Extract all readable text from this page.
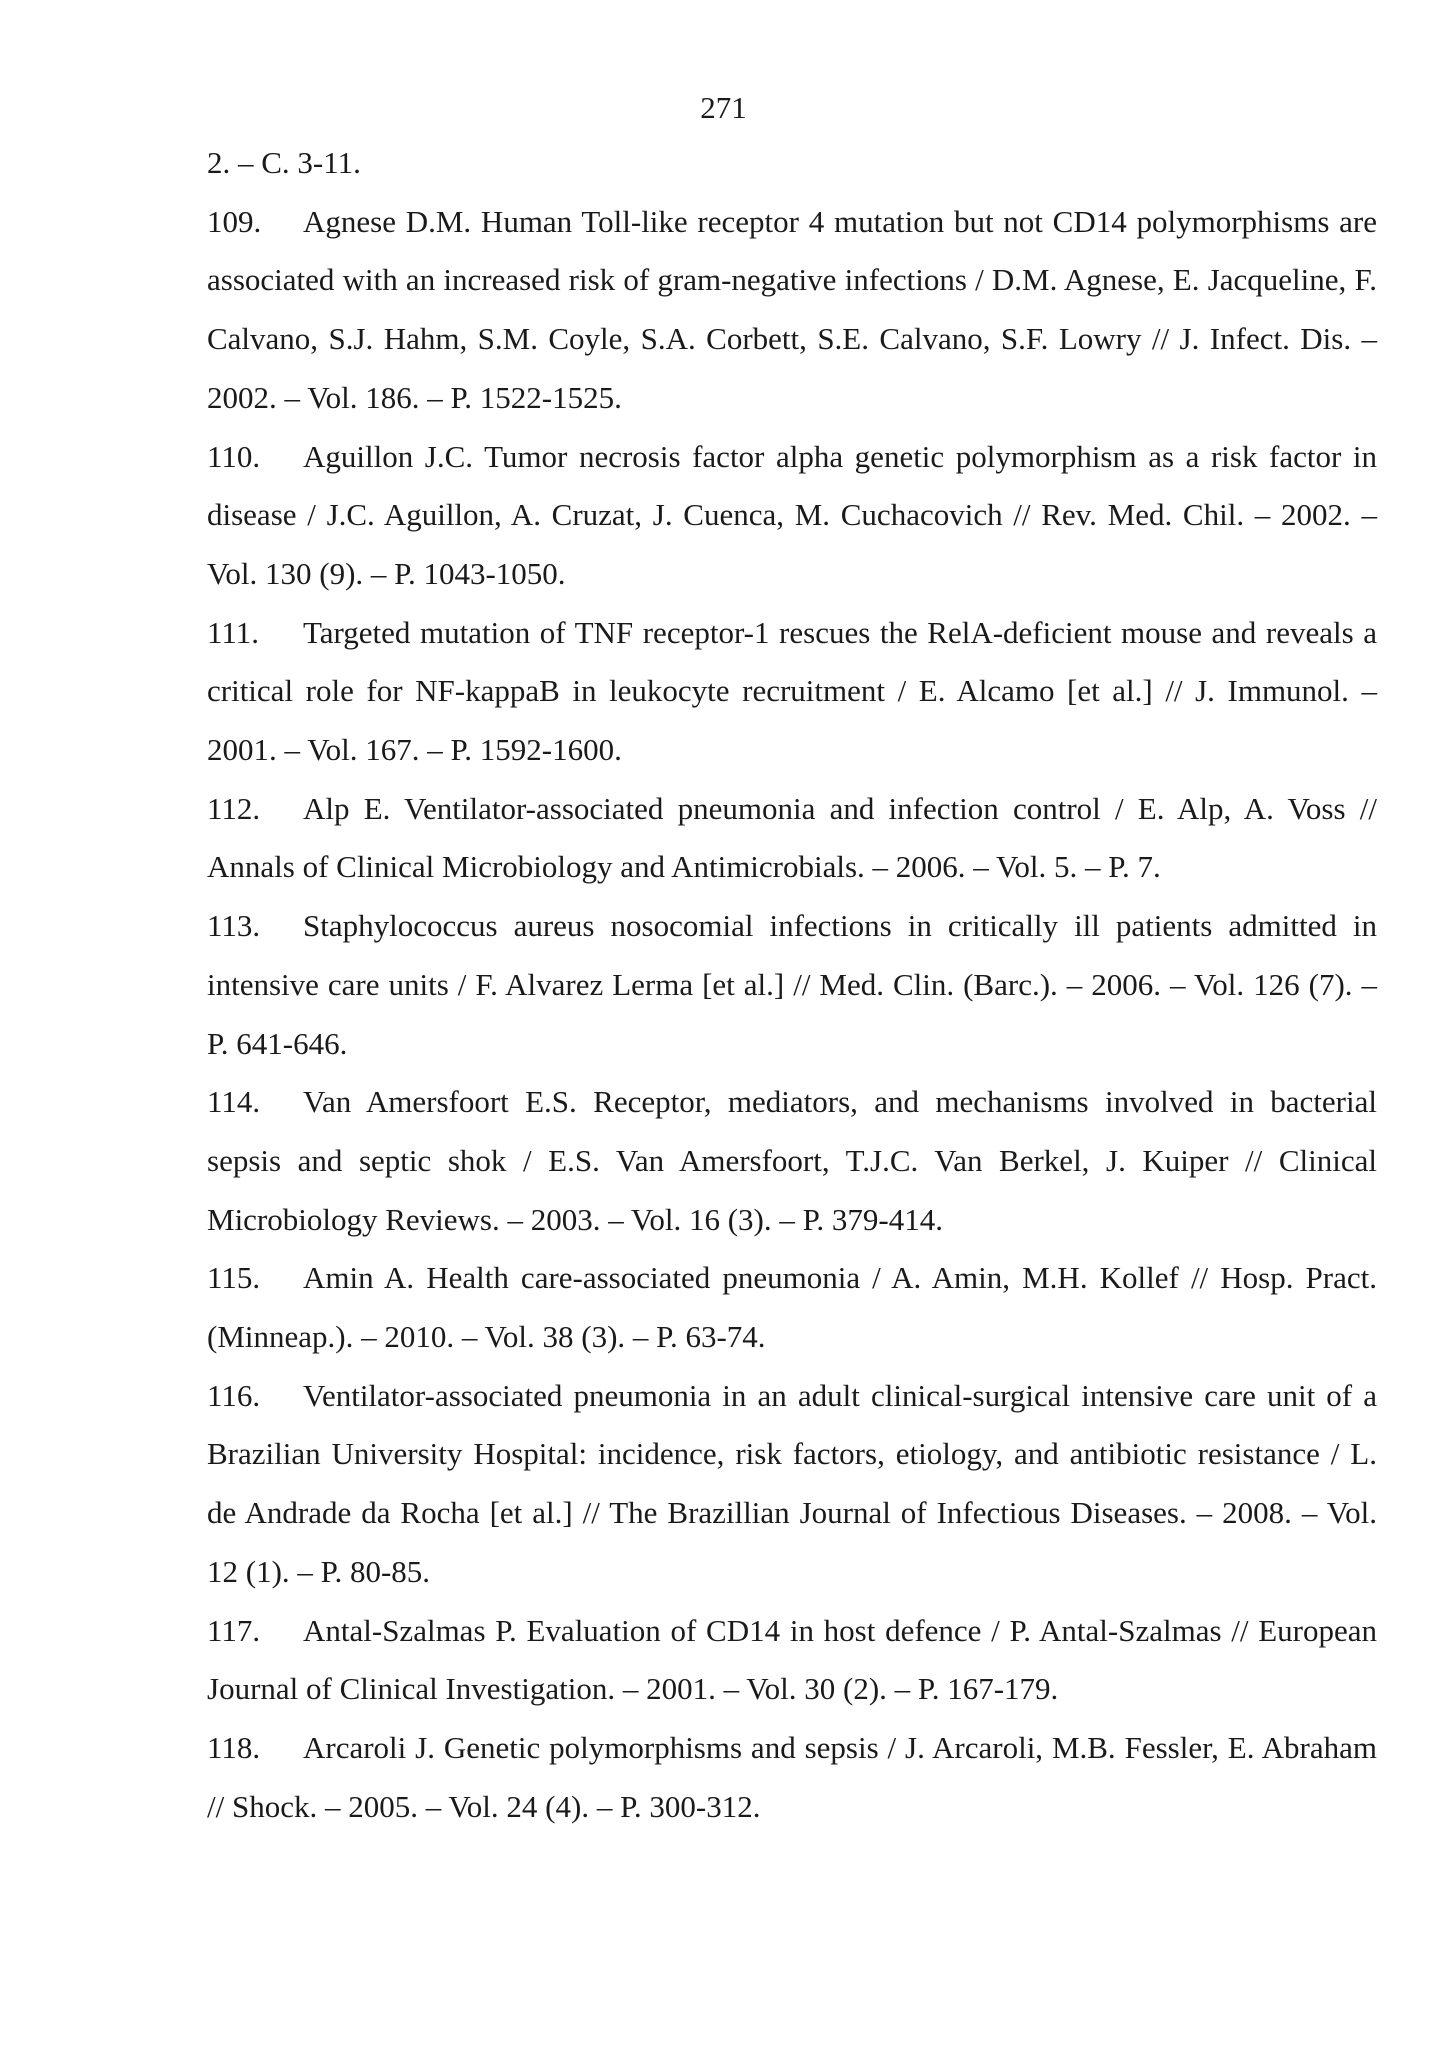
271

2. – С. 3-11.

109. Agnese D.M. Human Toll-like receptor 4 mutation but not CD14 polymorphisms are associated with an increased risk of gram-negative infections / D.M. Agnese, E. Jacqueline, F. Calvano, S.J. Hahm, S.M. Coyle, S.A. Corbett, S.E. Calvano, S.F. Lowry // J. Infect. Dis. – 2002. – Vol. 186. – P. 1522-1525.

110. Aguillon J.C. Tumor necrosis factor alpha genetic polymorphism as a risk factor in disease / J.C. Aguillon, A. Cruzat, J. Cuenca, M. Cuchacovich // Rev. Med. Chil. – 2002. – Vol. 130 (9). – P. 1043-1050.

111. Targeted mutation of TNF receptor-1 rescues the RelA-deficient mouse and reveals a critical role for NF-kappaB in leukocyte recruitment / E. Alcamo [et al.] // J. Immunol. – 2001. – Vol. 167. – P. 1592-1600.

112. Alp E. Ventilator-associated pneumonia and infection control / E. Alp, A. Voss // Annals of Clinical Microbiology and Antimicrobials. – 2006. – Vol. 5. – P. 7.

113. Staphylococcus aureus nosocomial infections in critically ill patients admitted in intensive care units / F. Alvarez Lerma [et al.] // Med. Clin. (Barc.). – 2006. – Vol. 126 (7). – P. 641-646.

114. Van Amersfoort E.S. Receptor, mediators, and mechanisms involved in bacterial sepsis and septic shok / E.S. Van Amersfoort, T.J.C. Van Berkel, J. Kuiper // Clinical Microbiology Reviews. – 2003. – Vol. 16 (3). – P. 379-414.

115. Amin A. Health care-associated pneumonia / A. Amin, M.H. Kollef // Hosp. Pract. (Minneap.). – 2010. – Vol. 38 (3). – P. 63-74.

116. Ventilator-associated pneumonia in an adult clinical-surgical intensive care unit of a Brazilian University Hospital: incidence, risk factors, etiology, and antibiotic resistance / L. de Andrade da Rocha [et al.] // The Brazillian Journal of Infectious Diseases. – 2008. – Vol. 12 (1). – P. 80-85.

117. Antal-Szalmas P. Evaluation of CD14 in host defence / P. Antal-Szalmas // European Journal of Clinical Investigation. – 2001. – Vol. 30 (2). – P. 167-179.

118. Arcaroli J. Genetic polymorphisms and sepsis / J. Arcaroli, M.B. Fessler, E. Abraham // Shock. – 2005. – Vol. 24 (4). – P. 300-312.
